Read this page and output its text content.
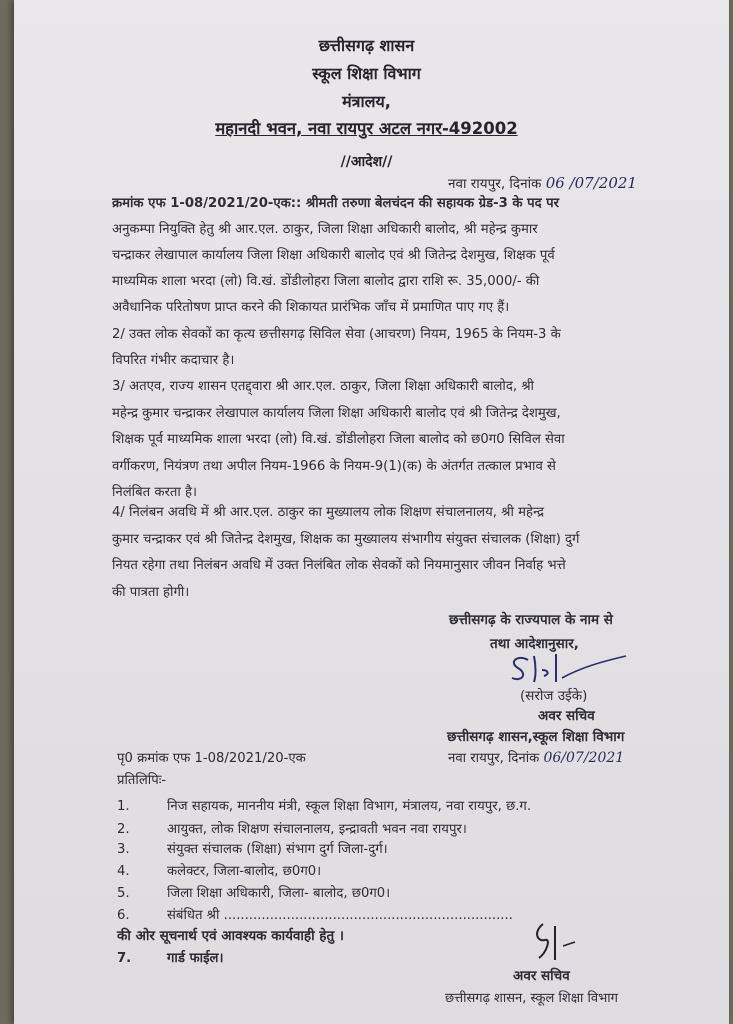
छत्तीसगढ़ शासन
स्कूल शिक्षा विभाग
मंत्रालय,
महानदी भवन, नवा रायपुर अटल नगर-492002
//आदेश//
नवा रायपुर, दिनांक 06 /07/2021
क्रमांक एफ 1-08/2021/20-एक:: श्रीमती तरुणा बेलचंदन की सहायक ग्रेड-3 के पद पर
अनुकम्पा नियुक्ति हेतु श्री आर.एल. ठाकुर, जिला शिक्षा अधिकारी बालोद, श्री महेन्द्र कुमार
चन्द्राकर लेखापाल कार्यालय जिला शिक्षा अधिकारी बालोद एवं श्री जितेन्द्र देशमुख, शिक्षक पूर्व
माध्यमिक शाला भरदा (लो) वि.खं. डोंडीलोहरा जिला बालोद द्वारा राशि रू. 35,000/- की
अवैधानिक परितोषण प्राप्त करने की शिकायत प्रारंभिक जाँच में प्रमाणित पाए गए हैं।
2/ उक्त लोक सेवकों का कृत्य छत्तीसगढ़ सिविल सेवा (आचरण) नियम, 1965 के नियम-3 के
विपरित गंभीर कदाचार है।
3/ अतएव, राज्य शासन एतद्द्वारा श्री आर.एल. ठाकुर, जिला शिक्षा अधिकारी बालोद, श्री
महेन्द्र कुमार चन्द्राकर लेखापाल कार्यालय जिला शिक्षा अधिकारी बालोद एवं श्री जितेन्द्र देशमुख,
शिक्षक पूर्व माध्यमिक शाला भरदा (लो) वि.खं. डोंडीलोहरा जिला बालोद को छ0ग0 सिविल सेवा
वर्गीकरण, नियंत्रण तथा अपील नियम-1966 के नियम-9(1)(क) के अंतर्गत तत्काल प्रभाव से
निलंबित करता है।
4/ निलंबन अवधि में श्री आर.एल. ठाकुर का मुख्यालय लोक शिक्षण संचालनालय, श्री महेन्द्र
कुमार चन्द्राकर एवं श्री जितेन्द्र देशमुख, शिक्षक का मुख्यालय संभागीय संयुक्त संचालक (शिक्षा) दुर्ग
नियत रहेगा तथा निलंबन अवधि में उक्त निलंबित लोक सेवकों को नियमानुसार जीवन निर्वाह भत्ते
की पात्रता होगी।
छत्तीसगढ़ के राज्यपाल के नाम से
तथा आदेशानुसार,
(सरोज उईके)
अवर सचिव
छत्तीसगढ़ शासन,स्कूल शिक्षा विभाग
पृ0 क्रमांक एफ 1-08/2021/20-एक	नवा रायपुर, दिनांक 06/07/2021
प्रतिलिपिः-
1.	निज सहायक, माननीय मंत्री, स्कूल शिक्षा विभाग, मंत्रालय, नवा रायपुर, छ.ग.
2.	आयुक्त, लोक शिक्षण संचालनालय, इन्द्रावती भवन नवा रायपुर।
3.	संयुक्त संचालक (शिक्षा) संभाग दुर्ग जिला-दुर्ग।
4.	कलेक्टर, जिला-बालोद, छ0ग0।
5.	जिला शिक्षा अधिकारी, जिला- बालोद, छ0ग0।
6.	संबंधित श्री .....................................................................
की ओर सूचनार्थ एवं आवश्यक कार्यवाही हेतु ।
7.	गार्ड फाईल।
अवर सचिव
छत्तीसगढ़ शासन, स्कूल शिक्षा विभाग
